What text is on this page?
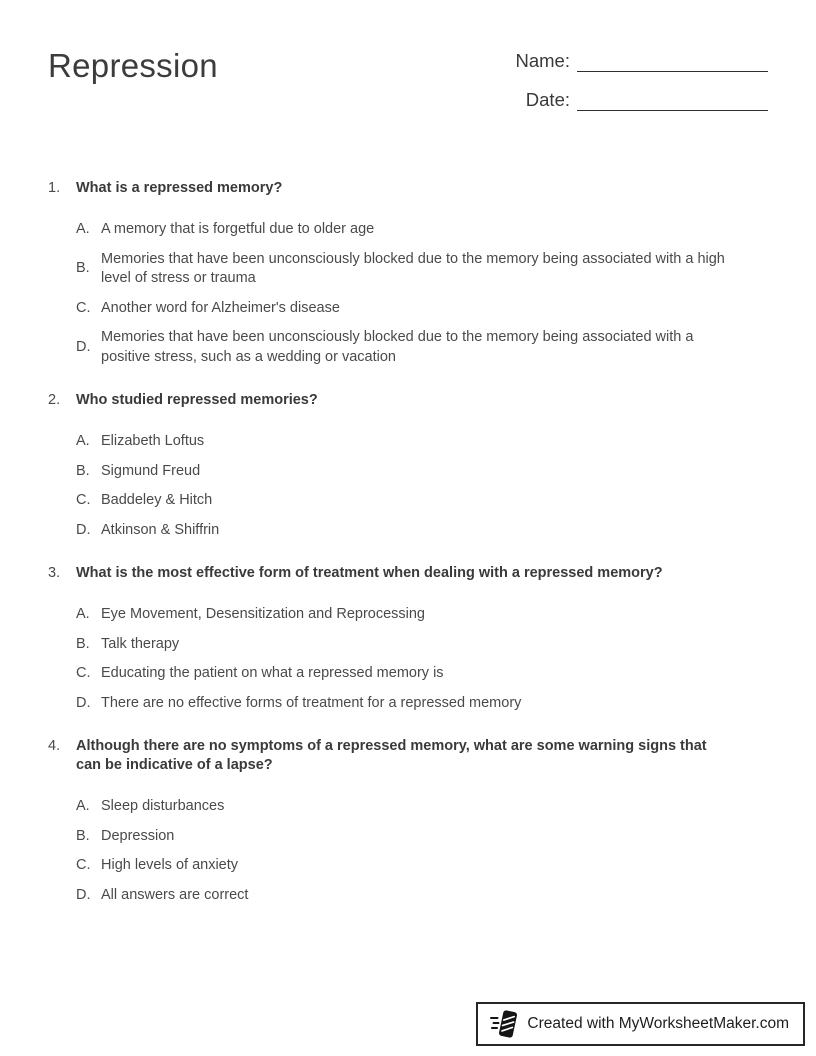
Repression	Name:
Date:
1.	What is a repressed memory?
A. A memory that is forgetful due to older age
B.
Memories that have been unconsciously blocked due to the memory being associated with a high level of stress or trauma
C. Another word for Alzheimer's disease
D.
Memories that have been unconsciously blocked due to the memory being associated with a positive stress, such as a wedding or vacation
2.	Who studied repressed memories?
A. Elizabeth Loftus
B. Sigmund Freud
C. Baddeley & Hitch
D. Atkinson & Shiffrin
3.	What is the most effective form of treatment when dealing with a repressed memory?
A. Eye Movement, Desensitization and Reprocessing
B. Talk therapy
C. Educating the patient on what a repressed memory is
D. There are no effective forms of treatment for a repressed memory
4.	Although there are no symptoms of a repressed memory, what are some warning signs that can be indicative of a lapse?
A. Sleep disturbances
B. Depression
C. High levels of anxiety
D. All answers are correct
Created with MyWorksheetMaker.com
